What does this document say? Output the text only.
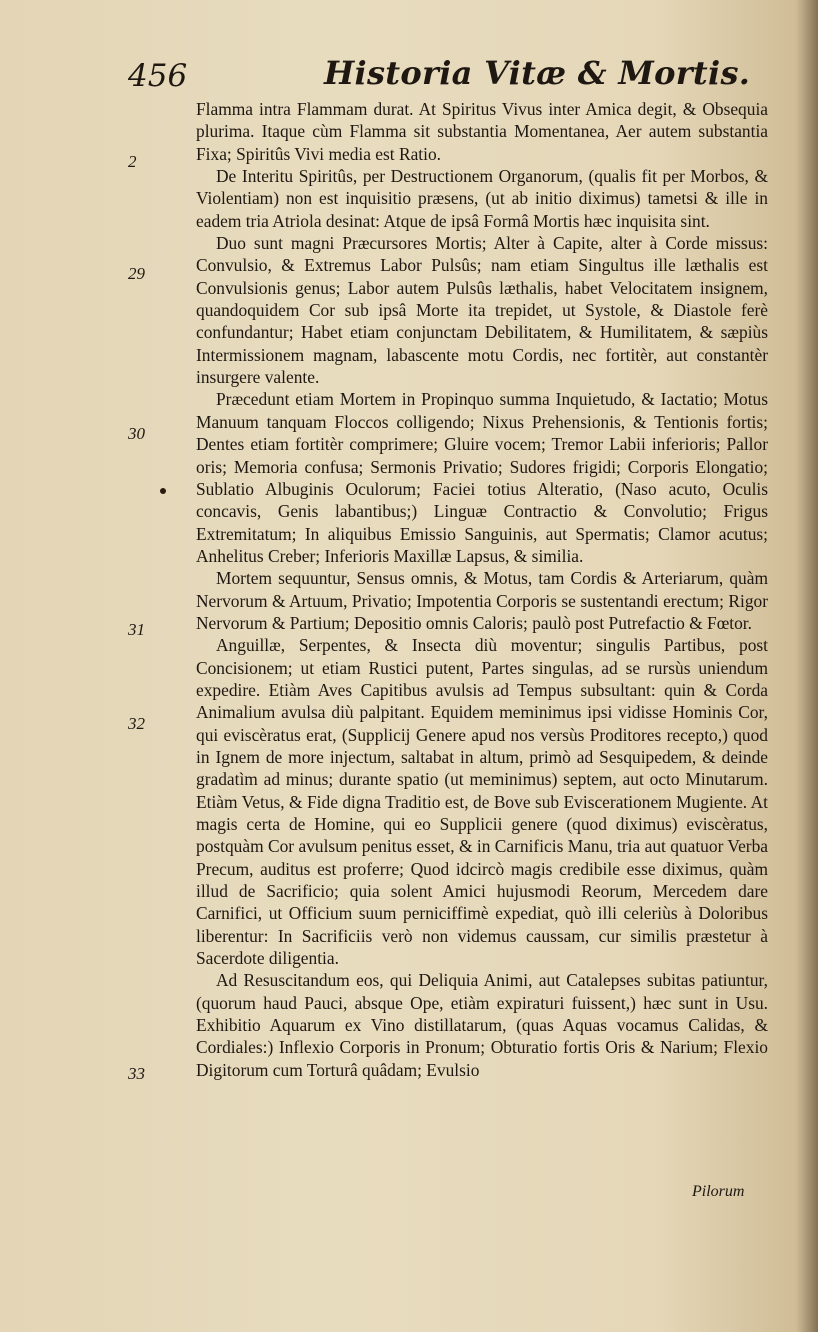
456	Historia Vitæ & Mortis.
2
29
30
31
32
33

Flamma intra Flammam durat. At Spiritus Vivus inter Amica degit, & Obsequia plurima. Itaque cùm Flamma sit substantia Momentanea, Aer autem substantia Fixa; Spiritûs Vivi media est Ratio.

De Interitu Spiritûs, per Destructionem Organorum, (qualis fit per Morbos, & Violentiam) non est inquisitio præsens, (ut ab initio diximus) tametsi & ille in eadem tria Atriola desinat: Atque de ipsâ Formâ Mortis hæc inquisita sint.

Duo sunt magni Præcursores Mortis; Alter à Capite, alter à Corde missus: Convulsio, & Extremus Labor Pulsûs; nam etiam Singultus ille læthalis est Convulsionis genus; Labor autem Pulsûs læthalis, habet Velocitatem insignem, quandoquidem Cor sub ipsâ Morte ita trepidet, ut Systole, & Diastole ferè confundantur; Habet etiam conjunctam Debilitatem, & Humilitatem, & sæpiùs Intermissionem magnam, labascente motu Cordis, nec fortitèr, aut constantèr insurgere valente.

Præcedunt etiam Mortem in Propinquo summa Inquietudo, & Iactatio; Motus Manuum tanquam Floccos colligendo; Nixus Prehensionis, & Tentionis fortis; Dentes etiam fortitèr comprimere; Gluire vocem; Tremor Labii inferioris; Pallor oris; Memoria confusa; Sermonis Privatio; Sudores frigidi; Corporis Elongatio; Sublatio Albuginis Oculorum; Faciei totius Alteratio, (Naso acuto, Oculis concavis, Genis labantibus;) Linguæ Contractio & Convolutio; Frigus Extremitatum; In aliquibus Emissio Sanguinis, aut Spermatis; Clamor acutus; Anhelitus Creber; Inferioris Maxillæ Lapsus, & similia.

Mortem sequuntur, Sensus omnis, & Motus, tam Cordis & Arteriarum, quàm Nervorum & Artuum, Privatio; Impotentia Corporis se sustentandi erectum; Rigor Nervorum & Partium; Depositio omnis Caloris; paulò post Putrefactio & Fœtor.

Anguillæ, Serpentes, & Insecta diù moventur; singulis Partibus, post Concisionem; ut etiam Rustici putent, Partes singulas, ad se rursùs uniendum expedire. Etiàm Aves Capitibus avulsis ad Tempus subsultant: quin & Corda Animalium avulsa diù palpitant. Equidem meminimus ipsi vidisse Hominis Cor, qui eviscèratus erat, (Supplicij Genere apud nos versùs Proditores recepto,) quod in Ignem de more injectum, saltabat in altum, primò ad Sesquipedem, & deinde gradatìm ad minus; durante spatio (ut meminimus) septem, aut octo Minutarum. Etiàm Vetus, & Fide digna Traditio est, de Bove sub Eviscerationem Mugiente. At magis certa de Homine, qui eo Supplicii genere (quod diximus) eviscèratus, postquàm Cor avulsum penitus esset, & in Carnificis Manu, tria aut quatuor Verba Precum, auditus est proferre; Quod idcircò magis credibile esse diximus, quàm illud de Sacrificio; quia solent Amici hujusmodi Reorum, Mercedem dare Carnifici, ut Officium suum perniciffimè expediat, quò illi celeriùs à Doloribus liberentur: In Sacrificiis verò non videmus caussam, cur similis præstetur à Sacerdote diligentia.

Ad Resuscitandum eos, qui Deliquia Animi, aut Catalepses subitas patiuntur, (quorum haud Pauci, absque Ope, etiàm expiraturi fuissent,) hæc sunt in Usu. Exhibitio Aquarum ex Vino distillatarum, (quas Aquas vocamus Calidas, & Cordiales:) Inflexio Corporis in Pronum; Obturatio fortis Oris & Narium; Flexio Digitorum cum Torturâ quâdam; Evulsio

Pilorum
